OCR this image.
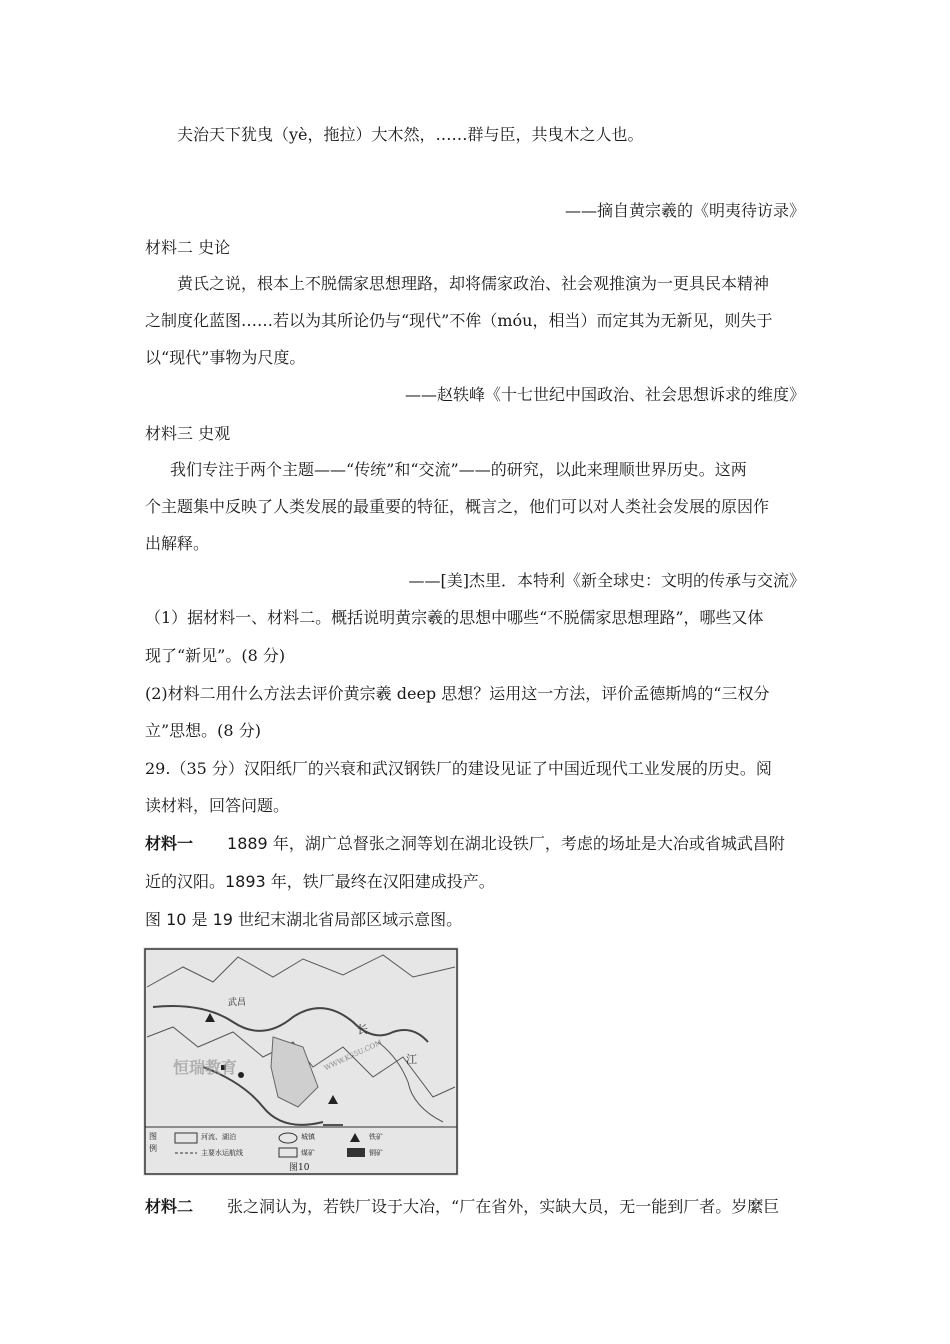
夫治天下犹曳（yè，拖拉）大木然，……群与臣，共曳木之人也。
——摘自黄宗羲的《明夷待访录》
材料二 史论
黄氏之说，根本上不脱儒家思想理路，却将儒家政治、社会观推演为一更具民本精神
之制度化蓝图……若以为其所论仍与“现代”不侔（móu，相当）而定其为无新见，则失于
以“现代”事物为尺度。
——赵轶峰《十七世纪中国政治、社会思想诉求的维度》
材料三 史观
我们专注于两个主题——“传统”和“交流”——的研究，以此来理顺世界历史。这两
个主题集中反映了人类发展的最重要的特征，概言之，他们可以对人类社会发展的原因作
出解释。
——[美]杰里．本特利《新全球史：文明的传承与交流》
（1）据材料一、材料二。概括说明黄宗羲的思想中哪些“不脱儒家思想理路”，哪些又体
现了“新见”。(8 分)
(2)材料二用什么方法去评价黄宗羲 deep 思想？运用这一方法，评价孟德斯鸠的“三权分
立”思想。(8 分)
29.（35 分）汉阳纸厂的兴衰和武汉钢铁厂的建设见证了中国近现代工业发展的历史。阅
读材料，回答问题。
材料一 1889 年，湖广总督张之洞等划在湖北设铁厂，考虑的场址是大冶或省城武昌附
近的汉阳。1893 年，铁厂最终在汉阳建成投产。
图 10 是 19 世纪末湖北省局部区域示意图。
武昌
长
江
恒瑞教育	WWW.KS5U.COM
图例
河流、湖泊
主要水运航线
城镇
煤矿
铁矿
铜矿
图10
材料二 张之洞认为，若铁厂设于大冶，“厂在省外，实缺大员，无一能到厂者。岁縻巨
